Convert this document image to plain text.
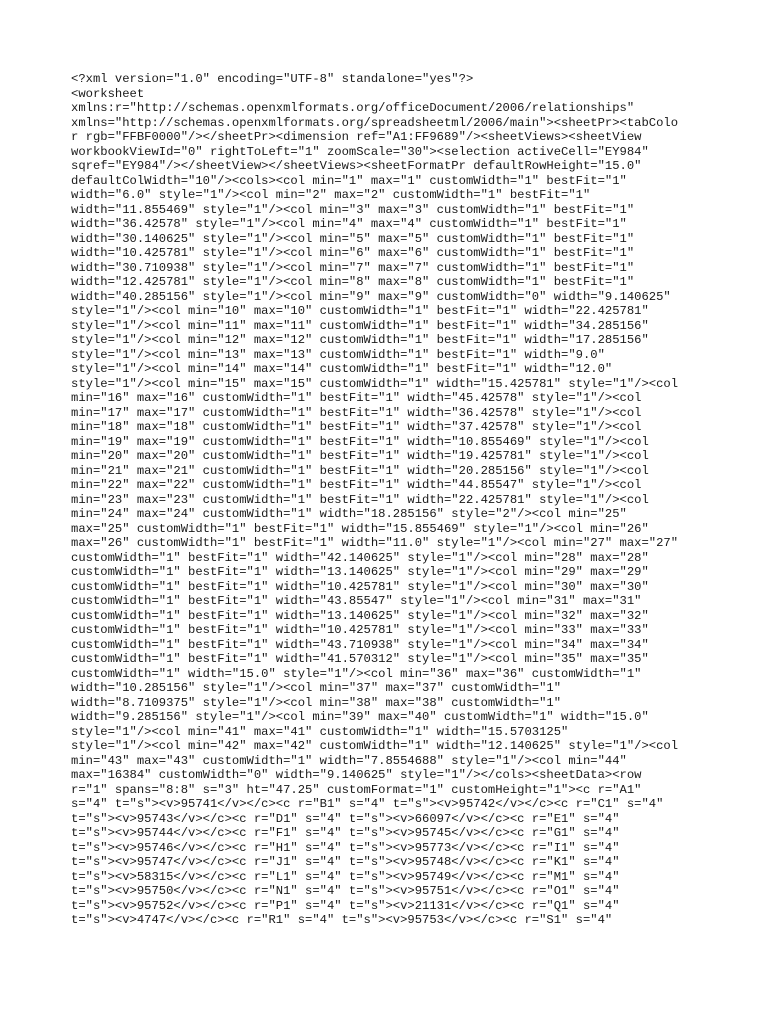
<?xml version="1.0" encoding="UTF-8" standalone="yes"?>
<worksheet
xmlns:r="http://schemas.openxmlformats.org/officeDocument/2006/relationships"
xmlns="http://schemas.openxmlformats.org/spreadsheetml/2006/main"><sheetPr><tabColo
r rgb="FFBF0000"/></sheetPr><dimension ref="A1:FF9689"/><sheetViews><sheetView
workbookViewId="0" rightToLeft="1" zoomScale="30"><selection activeCell="EY984"
sqref="EY984"/></sheetView></sheetViews><sheetFormatPr defaultRowHeight="15.0"
defaultColWidth="10"/><cols><col min="1" max="1" customWidth="1" bestFit="1"
width="6.0" style="1"/><col min="2" max="2" customWidth="1" bestFit="1"
width="11.855469" style="1"/><col min="3" max="3" customWidth="1" bestFit="1"
width="36.42578" style="1"/><col min="4" max="4" customWidth="1" bestFit="1"
width="30.140625" style="1"/><col min="5" max="5" customWidth="1" bestFit="1"
width="10.425781" style="1"/><col min="6" max="6" customWidth="1" bestFit="1"
width="30.710938" style="1"/><col min="7" max="7" customWidth="1" bestFit="1"
width="12.425781" style="1"/><col min="8" max="8" customWidth="1" bestFit="1"
width="40.285156" style="1"/><col min="9" max="9" customWidth="0" width="9.140625"
style="1"/><col min="10" max="10" customWidth="1" bestFit="1" width="22.425781"
style="1"/><col min="11" max="11" customWidth="1" bestFit="1" width="34.285156"
style="1"/><col min="12" max="12" customWidth="1" bestFit="1" width="17.285156"
style="1"/><col min="13" max="13" customWidth="1" bestFit="1" width="9.0"
style="1"/><col min="14" max="14" customWidth="1" bestFit="1" width="12.0"
style="1"/><col min="15" max="15" customWidth="1" width="15.425781" style="1"/><col
min="16" max="16" customWidth="1" bestFit="1" width="45.42578" style="1"/><col
min="17" max="17" customWidth="1" bestFit="1" width="36.42578" style="1"/><col
min="18" max="18" customWidth="1" bestFit="1" width="37.42578" style="1"/><col
min="19" max="19" customWidth="1" bestFit="1" width="10.855469" style="1"/><col
min="20" max="20" customWidth="1" bestFit="1" width="19.425781" style="1"/><col
min="21" max="21" customWidth="1" bestFit="1" width="20.285156" style="1"/><col
min="22" max="22" customWidth="1" bestFit="1" width="44.85547" style="1"/><col
min="23" max="23" customWidth="1" bestFit="1" width="22.425781" style="1"/><col
min="24" max="24" customWidth="1" width="18.285156" style="2"/><col min="25"
max="25" customWidth="1" bestFit="1" width="15.855469" style="1"/><col min="26"
max="26" customWidth="1" bestFit="1" width="11.0" style="1"/><col min="27" max="27"
customWidth="1" bestFit="1" width="42.140625" style="1"/><col min="28" max="28"
customWidth="1" bestFit="1" width="13.140625" style="1"/><col min="29" max="29"
customWidth="1" bestFit="1" width="10.425781" style="1"/><col min="30" max="30"
customWidth="1" bestFit="1" width="43.85547" style="1"/><col min="31" max="31"
customWidth="1" bestFit="1" width="13.140625" style="1"/><col min="32" max="32"
customWidth="1" bestFit="1" width="10.425781" style="1"/><col min="33" max="33"
customWidth="1" bestFit="1" width="43.710938" style="1"/><col min="34" max="34"
customWidth="1" bestFit="1" width="41.570312" style="1"/><col min="35" max="35"
customWidth="1" width="15.0" style="1"/><col min="36" max="36" customWidth="1"
width="10.285156" style="1"/><col min="37" max="37" customWidth="1"
width="8.7109375" style="1"/><col min="38" max="38" customWidth="1"
width="9.285156" style="1"/><col min="39" max="40" customWidth="1" width="15.0"
style="1"/><col min="41" max="41" customWidth="1" width="15.5703125"
style="1"/><col min="42" max="42" customWidth="1" width="12.140625" style="1"/><col
min="43" max="43" customWidth="1" width="7.8554688" style="1"/><col min="44"
max="16384" customWidth="0" width="9.140625" style="1"/></cols><sheetData><row
r="1" spans="8:8" s="3" ht="47.25" customFormat="1" customHeight="1"><c r="A1"
s="4" t="s"><v>95741</v></c><c r="B1" s="4" t="s"><v>95742</v></c><c r="C1" s="4"
t="s"><v>95743</v></c><c r="D1" s="4" t="s"><v>66097</v></c><c r="E1" s="4"
t="s"><v>95744</v></c><c r="F1" s="4" t="s"><v>95745</v></c><c r="G1" s="4"
t="s"><v>95746</v></c><c r="H1" s="4" t="s"><v>95773</v></c><c r="I1" s="4"
t="s"><v>95747</v></c><c r="J1" s="4" t="s"><v>95748</v></c><c r="K1" s="4"
t="s"><v>58315</v></c><c r="L1" s="4" t="s"><v>95749</v></c><c r="M1" s="4"
t="s"><v>95750</v></c><c r="N1" s="4" t="s"><v>95751</v></c><c r="O1" s="4"
t="s"><v>95752</v></c><c r="P1" s="4" t="s"><v>21131</v></c><c r="Q1" s="4"
t="s"><v>4747</v></c><c r="R1" s="4" t="s"><v>95753</v></c><c r="S1" s="4"
